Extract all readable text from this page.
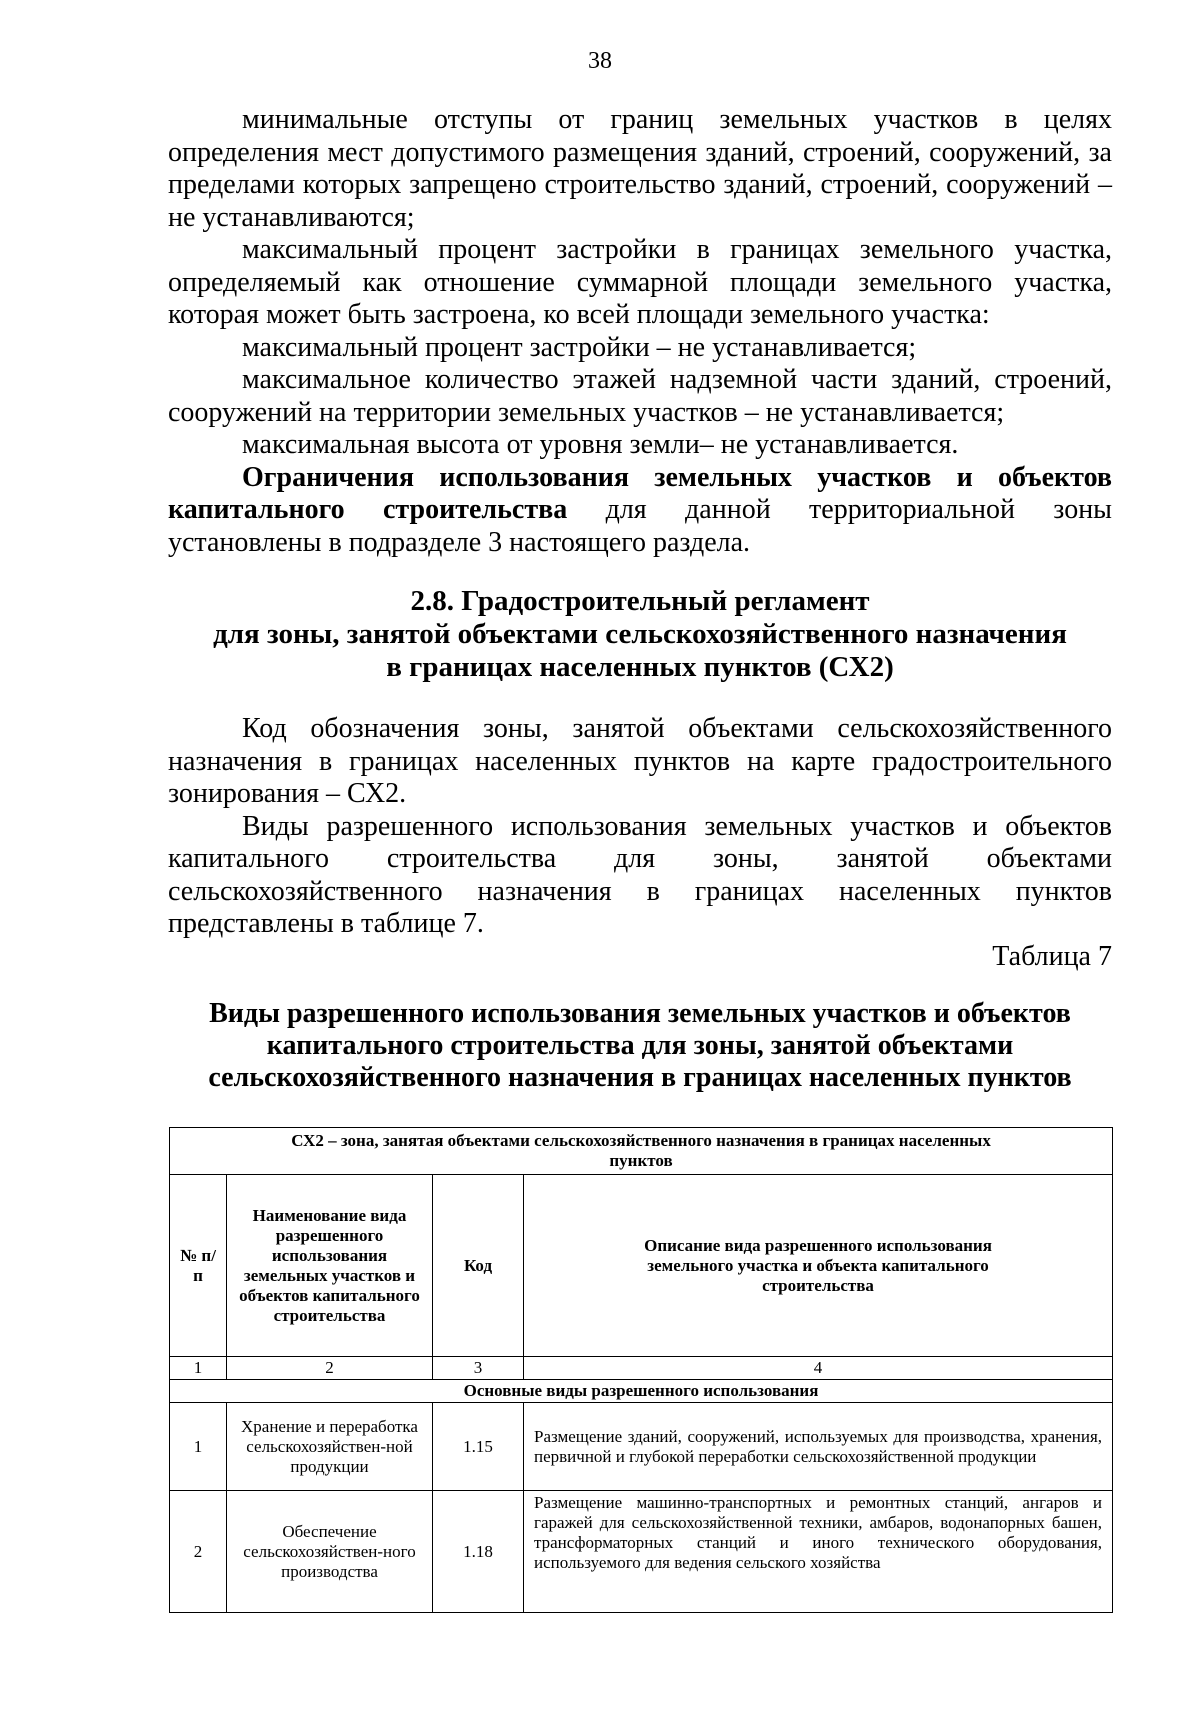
38

минимальные отступы от границ земельных участков в целях определения мест допустимого размещения зданий, строений, сооружений, за пределами которых запрещено строительство зданий, строений, сооружений – не устанавливаются;

максимальный процент застройки в границах земельного участка, определяемый как отношение суммарной площади земельного участка, которая может быть застроена, ко всей площади земельного участка:

максимальный процент застройки – не устанавливается;

максимальное количество этажей надземной части зданий, строений, сооружений на территории земельных участков – не устанавливается;

максимальная высота от уровня земли– не устанавливается.

Ограничения использования земельных участков и объектов капитального строительства для данной территориальной зоны установлены в подразделе 3 настоящего раздела.

2.8. Градостроительный регламент

для зоны, занятой объектами сельскохозяйственного назначения

в границах населенных пунктов (СХ2)

Код обозначения зоны, занятой объектами сельскохозяйственного назначения в границах населенных пунктов на карте градостроительного зонирования – СХ2.

Виды разрешенного использования земельных участков и объектов капитального строительства для зоны, занятой объектами сельскохозяйственного назначения в границах населенных пунктов представлены в таблице 7.

Таблица 7

Виды разрешенного использования земельных участков и объектов

капитального строительства для зоны, занятой объектами

сельскохозяйственного назначения в границах населенных пунктов

СХ2 – зона, занятая объектами сельскохозяйственного назначения в границах населенных пунктов			
№ п/п	Наименование вида разрешенного использования земельных участков и объектов капитального строительства	Код	Описание вида разрешенного использования земельного участка и объекта капитального строительства
1	2	3	4
Основные виды разрешенного использования			
1	Хранение и переработка сельскохозяйствен-ной продукции	1.15	Размещение зданий, сооружений, используемых для производства, хранения, первичной и глубокой переработки сельскохозяйственной продукции
2	Обеспечение сельскохозяйствен-ного производства	1.18	Размещение машинно-транспортных и ремонтных станций, ангаров и гаражей для сельскохозяйственной техники, амбаров, водонапорных башен, трансформаторных станций и иного технического оборудования, используемого для ведения сельского хозяйства
